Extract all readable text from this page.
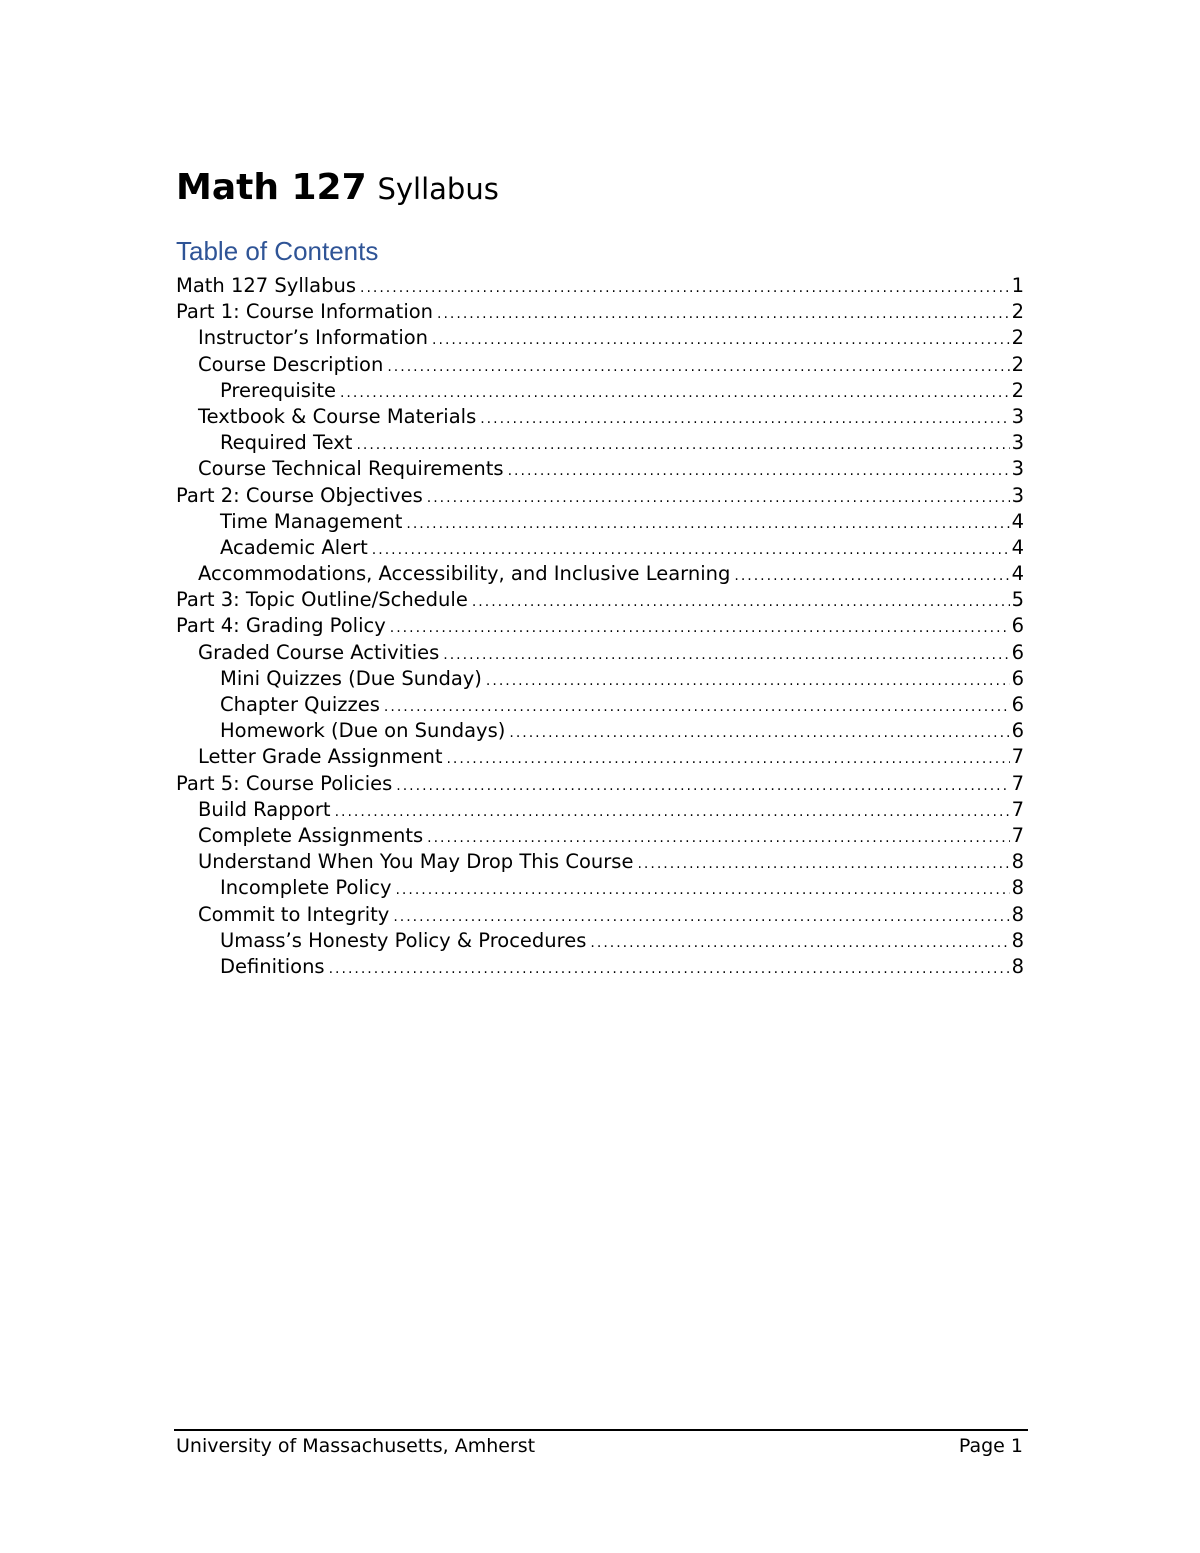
Math 127 Syllabus
Table of Contents
Math 127 Syllabus .....	1
Part 1: Course Information .....	2
Instructor’s Information .....	2
Course Description .....	2
Prerequisite .....	2
Textbook & Course Materials .....	3
Required Text .....	3
Course Technical Requirements .....	3
Part 2: Course Objectives .....	3
Time Management .....	4
Academic Alert .....	4
Accommodations, Accessibility, and Inclusive Learning .....	4
Part 3: Topic Outline/Schedule .....	5
Part 4: Grading Policy .....	6
Graded Course Activities .....	6
Mini Quizzes (Due Sunday) .....	6
Chapter Quizzes .....	6
Homework (Due on Sundays) .....	6
Letter Grade Assignment .....	7
Part 5: Course Policies .....	7
Build Rapport .....	7
Complete Assignments .....	7
Understand When You May Drop This Course .....	8
Incomplete Policy .....	8
Commit to Integrity .....	8
Umass’s Honesty Policy & Procedures .....	8
Definitions .....	8
University of Massachusetts, Amherst	Page 1
